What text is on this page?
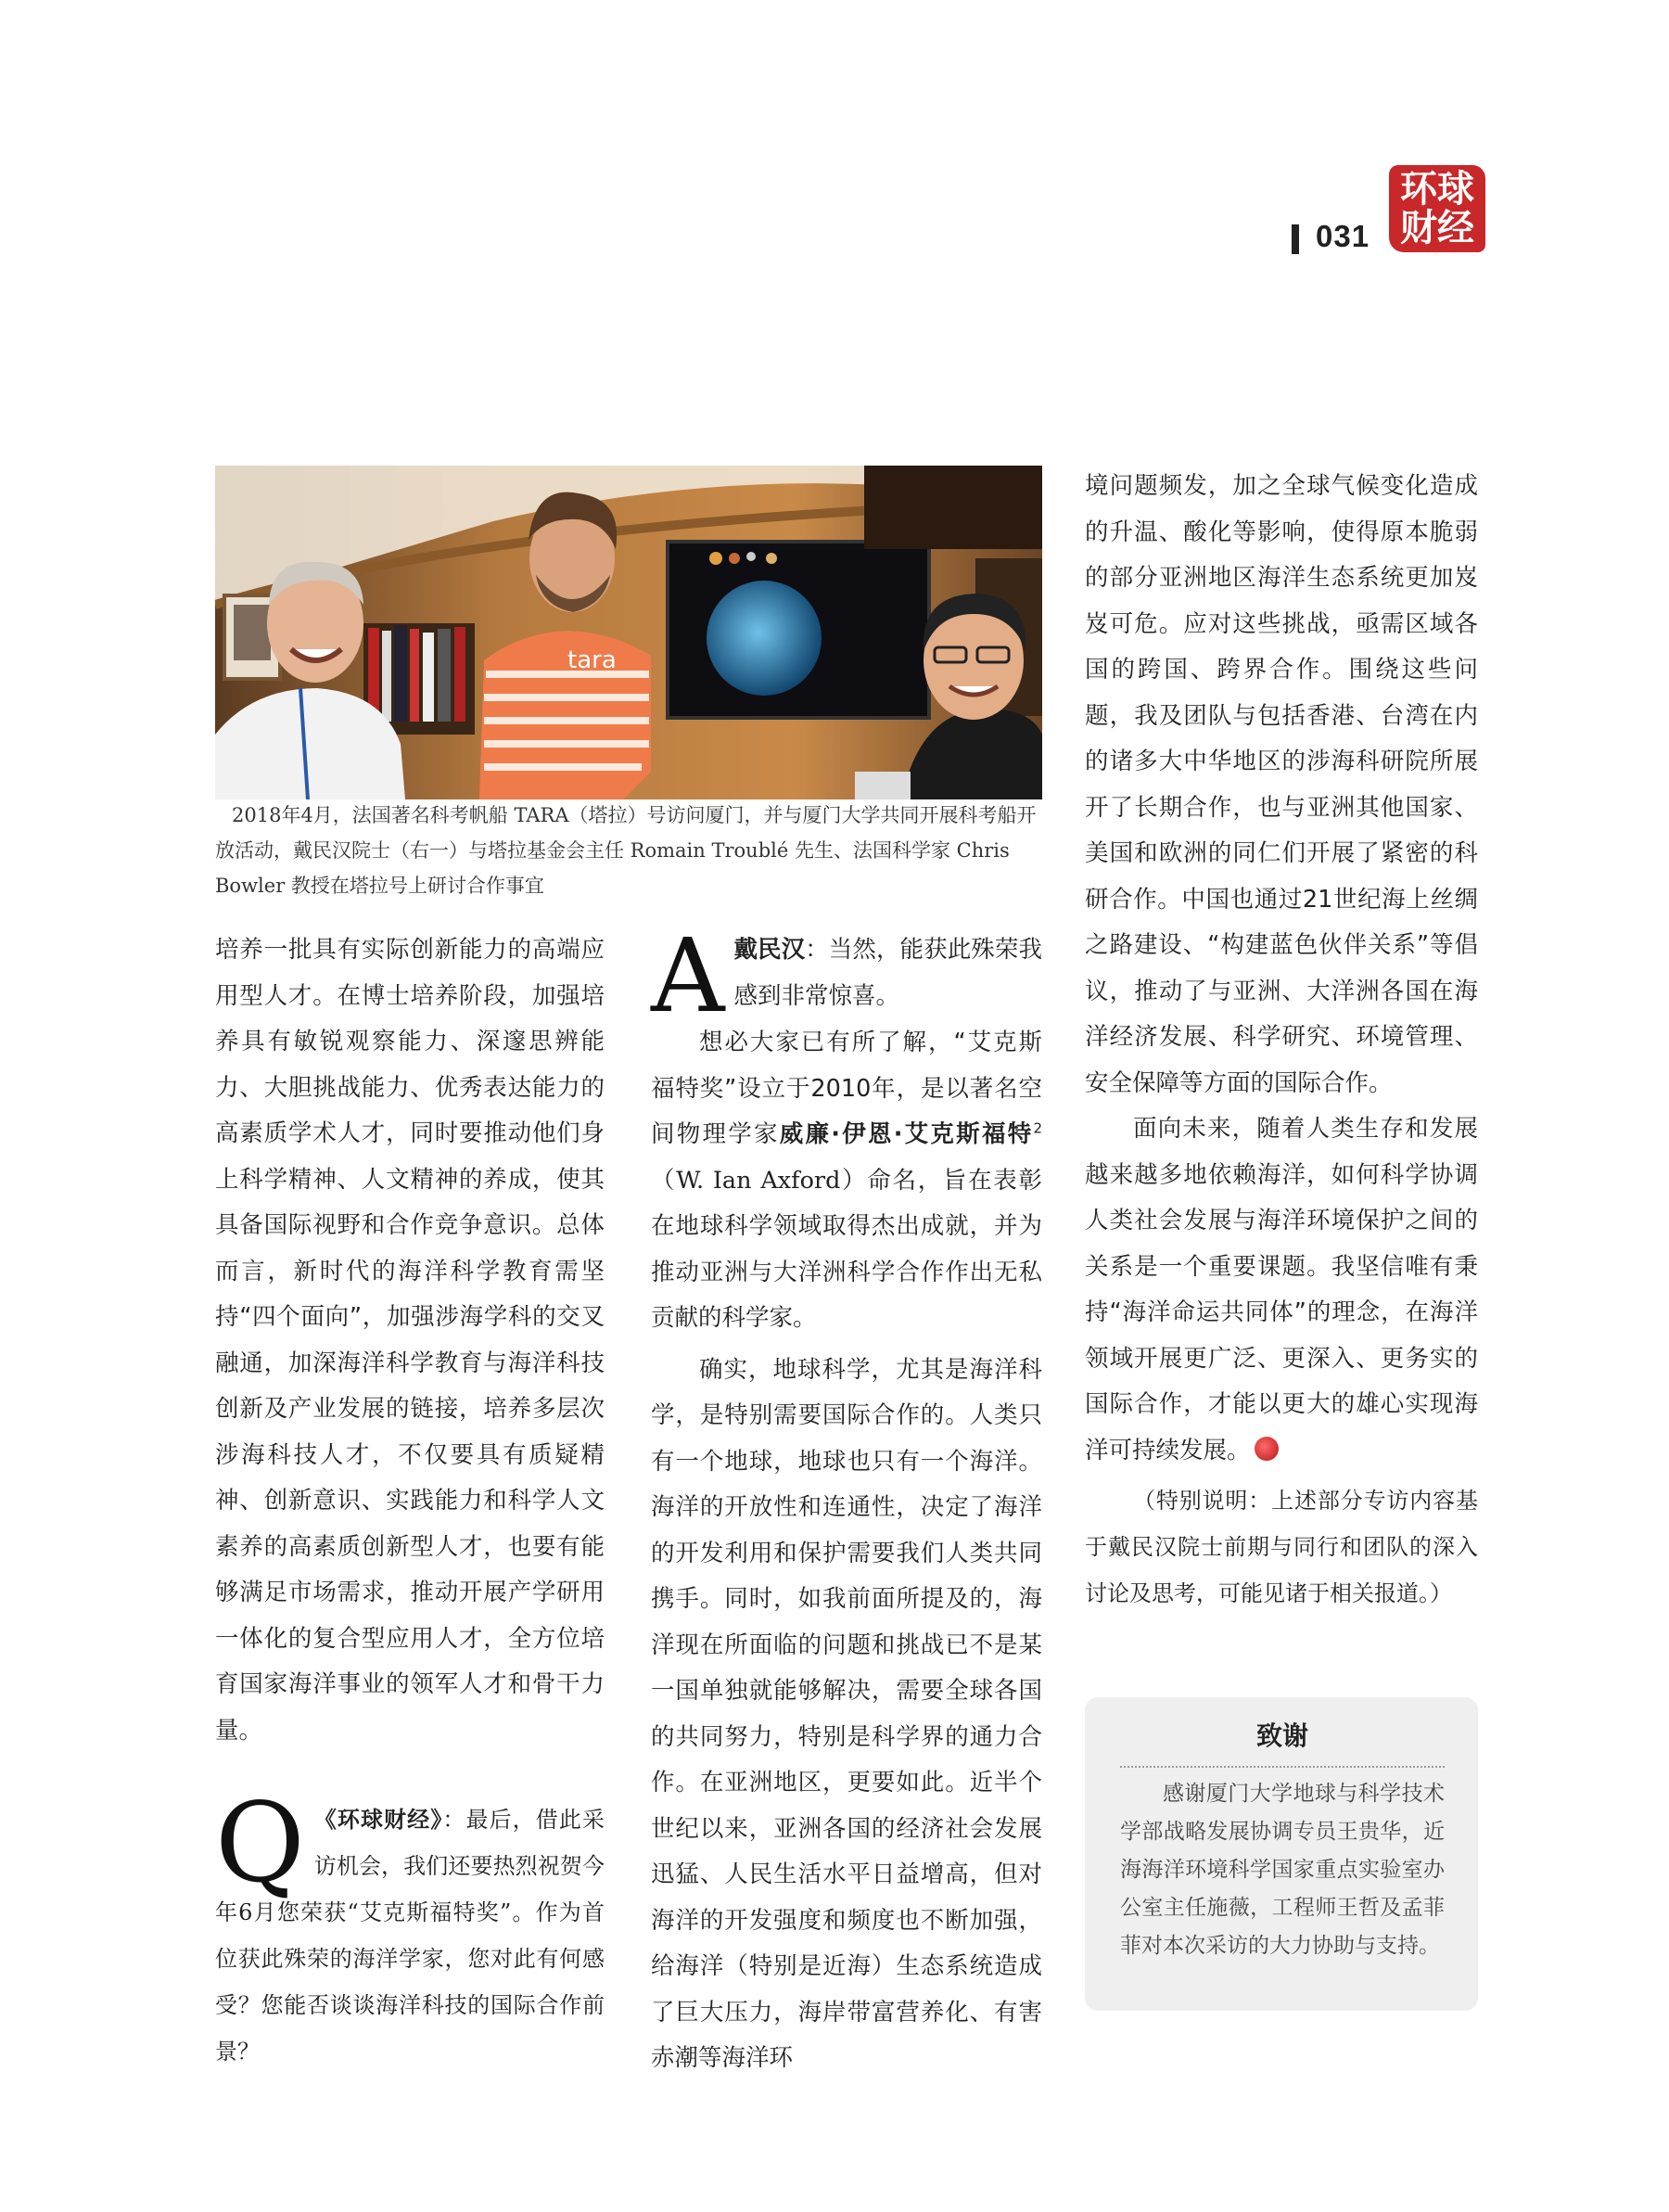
031
环球
财经
tara
2018年4月，法国著名科考帆船 TARA（塔拉）号访问厦门，并与厦门大学共同开展科考船开放活动，戴民汉院士（右一）与塔拉基金会主任 Romain Troublé 先生、法国科学家 Chris Bowler 教授在塔拉号上研讨合作事宜

培养一批具有实际创新能力的高端应用型人才。在博士培养阶段，加强培养具有敏锐观察能力、深邃思辨能力、大胆挑战能力、优秀表达能力的高素质学术人才，同时要推动他们身上科学精神、人文精神的养成，使其具备国际视野和合作竞争意识。总体而言，新时代的海洋科学教育需坚持“四个面向”，加强涉海学科的交叉融通，加深海洋科学教育与海洋科技创新及产业发展的链接，培养多层次涉海科技人才，不仅要具有质疑精神、创新意识、实践能力和科学人文素养的高素质创新型人才，也要有能够满足市场需求，推动开展产学研用一体化的复合型应用人才，全方位培育国家海洋事业的领军人才和骨干力量。

Q 《环球财经》：最后，借此采访机会，我们还要热烈祝贺今年6月您荣获“艾克斯福特奖”。作为首位获此殊荣的海洋学家，您对此有何感受？您能否谈谈海洋科技的国际合作前景？

A戴民汉：当然，能获此殊荣我感到非常惊喜。

想必大家已有所了解，“艾克斯福特奖”设立于2010年，是以著名空间物理学家威廉·伊恩·艾克斯福特$^2$（W. Ian Axford）命名，旨在表彰在地球科学领域取得杰出成就，并为推动亚洲与大洋洲科学合作作出无私贡献的科学家。

确实，地球科学，尤其是海洋科学，是特别需要国际合作的。人类只有一个地球，地球也只有一个海洋。海洋的开放性和连通性，决定了海洋的开发利用和保护需要我们人类共同携手。同时，如我前面所提及的，海洋现在所面临的问题和挑战已不是某一国单独就能够解决，需要全球各国的共同努力，特别是科学界的通力合作。在亚洲地区，更要如此。近半个世纪以来，亚洲各国的经济社会发展迅猛、人民生活水平日益增高，但对海洋的开发强度和频度也不断加强，给海洋（特别是近海）生态系统造成了巨大压力，海岸带富营养化、有害赤潮等海洋环

境问题频发，加之全球气候变化造成的升温、酸化等影响，使得原本脆弱的部分亚洲地区海洋生态系统更加岌岌可危。应对这些挑战，亟需区域各国的跨国、跨界合作。围绕这些问题，我及团队与包括香港、台湾在内的诸多大中华地区的涉海科研院所展开了长期合作，也与亚洲其他国家、美国和欧洲的同仁们开展了紧密的科研合作。中国也通过21世纪海上丝绸之路建设、“构建蓝色伙伴关系”等倡议，推动了与亚洲、大洋洲各国在海洋经济发展、科学研究、环境管理、安全保障等方面的国际合作。

面向未来，随着人类生存和发展越来越多地依赖海洋，如何科学协调人类社会发展与海洋环境保护之间的关系是一个重要课题。我坚信唯有秉持“海洋命运共同体”的理念，在海洋领域开展更广泛、更深入、更务实的国际合作，才能以更大的雄心实现海洋可持续发展。

（特别说明：上述部分专访内容基于戴民汉院士前期与同行和团队的深入讨论及思考，可能见诸于相关报道。）

致谢
感谢厦门大学地球与科学技术学部战略发展协调专员王贵华，近海海洋环境科学国家重点实验室办公室主任施薇，工程师王哲及孟菲菲对本次采访的大力协助与支持。
